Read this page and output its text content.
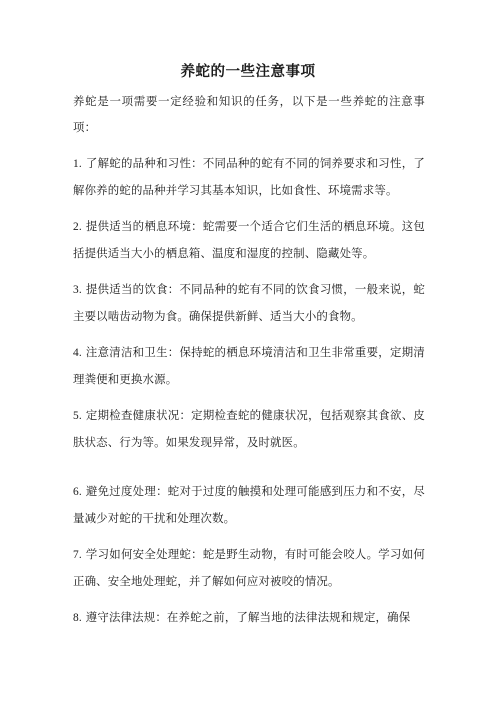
养蛇的一些注意事项
养蛇是一项需要一定经验和知识的任务，以下是一些养蛇的注意事项：
1. 了解蛇的品种和习性：不同品种的蛇有不同的饲养要求和习性，了解你养的蛇的品种并学习其基本知识，比如食性、环境需求等。
2. 提供适当的栖息环境：蛇需要一个适合它们生活的栖息环境。这包括提供适当大小的栖息箱、温度和湿度的控制、隐藏处等。
3. 提供适当的饮食：不同品种的蛇有不同的饮食习惯，一般来说，蛇主要以啮齿动物为食。确保提供新鲜、适当大小的食物。
4. 注意清洁和卫生：保持蛇的栖息环境清洁和卫生非常重要，定期清理粪便和更换水源。
5. 定期检查健康状况：定期检查蛇的健康状况，包括观察其食欲、皮肤状态、行为等。如果发现异常，及时就医。
6. 避免过度处理：蛇对于过度的触摸和处理可能感到压力和不安，尽量减少对蛇的干扰和处理次数。
7. 学习如何安全处理蛇：蛇是野生动物，有时可能会咬人。学习如何正确、安全地处理蛇，并了解如何应对被咬的情况。
8. 遵守法律法规：在养蛇之前，了解当地的法律法规和规定，确保
